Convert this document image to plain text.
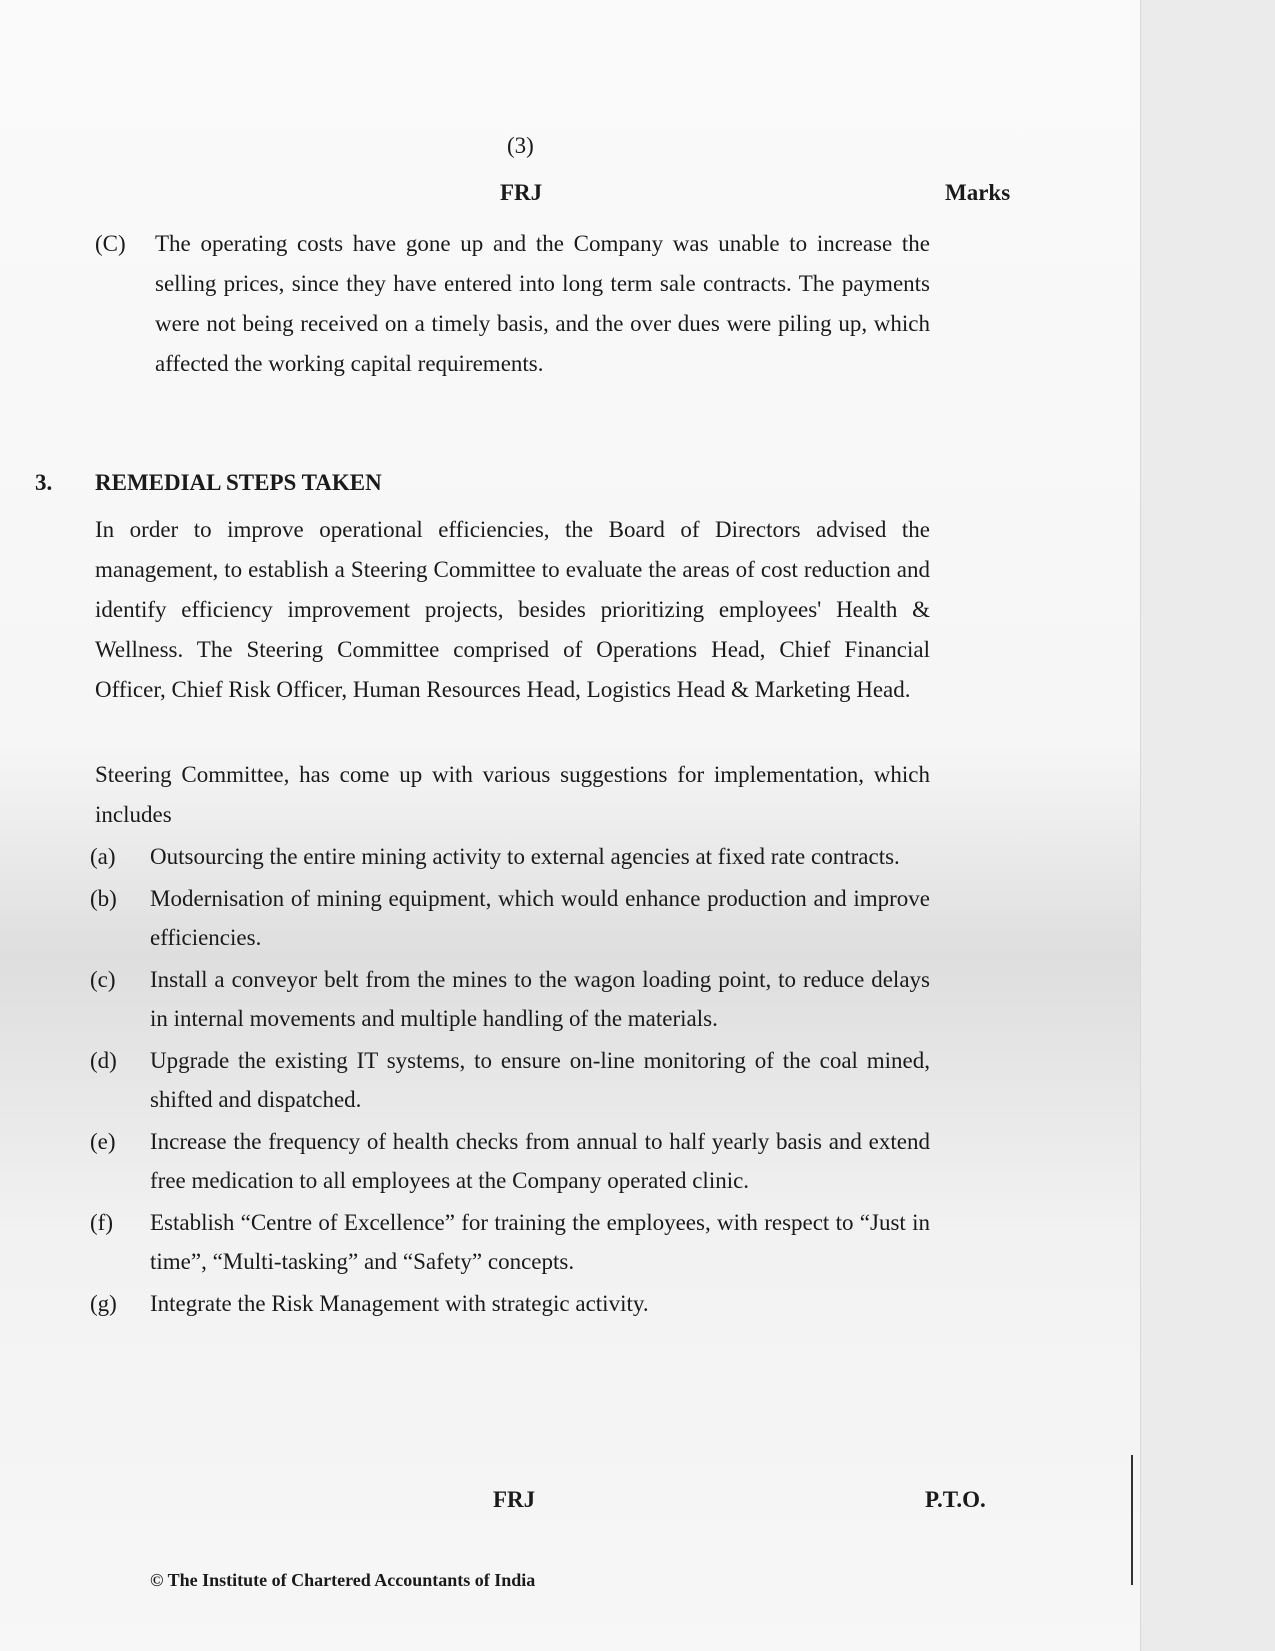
(3)
FRJ	Marks
(C) The operating costs have gone up and the Company was unable to increase the selling prices, since they have entered into long term sale contracts. The payments were not being received on a timely basis, and the over dues were piling up, which affected the working capital requirements.
3. REMEDIAL STEPS TAKEN
In order to improve operational efficiencies, the Board of Directors advised the management, to establish a Steering Committee to evaluate the areas of cost reduction and identify efficiency improvement projects, besides prioritizing employees' Health & Wellness. The Steering Committee comprised of Operations Head, Chief Financial Officer, Chief Risk Officer, Human Resources Head, Logistics Head & Marketing Head.
Steering Committee, has come up with various suggestions for implementation, which includes
(a) Outsourcing the entire mining activity to external agencies at fixed rate contracts.
(b) Modernisation of mining equipment, which would enhance production and improve efficiencies.
(c) Install a conveyor belt from the mines to the wagon loading point, to reduce delays in internal movements and multiple handling of the materials.
(d) Upgrade the existing IT systems, to ensure on-line monitoring of the coal mined, shifted and dispatched.
(e) Increase the frequency of health checks from annual to half yearly basis and extend free medication to all employees at the Company operated clinic.
(f) Establish “Centre of Excellence” for training the employees, with respect to “Just in time”, “Multi-tasking” and “Safety” concepts.
(g) Integrate the Risk Management with strategic activity.
FRJ	P.T.O.
© The Institute of Chartered Accountants of India
